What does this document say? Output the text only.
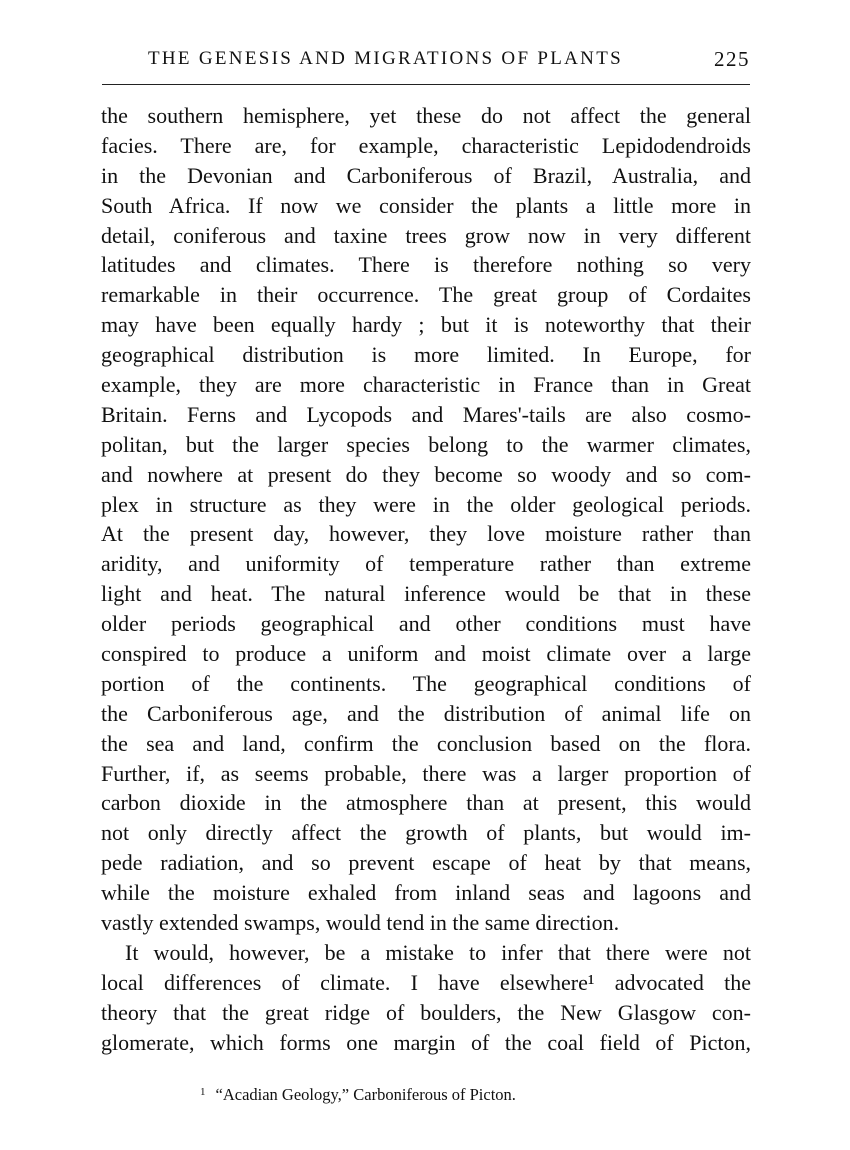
THE GENESIS AND MIGRATIONS OF PLANTS	225
the southern hemisphere, yet these do not affect the general
facies. There are, for example, characteristic Lepidodendroids
in the Devonian and Carboniferous of Brazil, Australia, and
South Africa. If now we consider the plants a little more in
detail, coniferous and taxine trees grow now in very different
latitudes and climates. There is therefore nothing so very
remarkable in their occurrence. The great group of Cordaites
may have been equally hardy ; but it is noteworthy that their
geographical distribution is more limited. In Europe, for
example, they are more characteristic in France than in Great
Britain. Ferns and Lycopods and Mares'-tails are also cosmo-
politan, but the larger species belong to the warmer climates,
and nowhere at present do they become so woody and so com-
plex in structure as they were in the older geological periods.
At the present day, however, they love moisture rather than
aridity, and uniformity of temperature rather than extreme
light and heat. The natural inference would be that in these
older periods geographical and other conditions must have
conspired to produce a uniform and moist climate over a large
portion of the continents. The geographical conditions of
the Carboniferous age, and the distribution of animal life on
the sea and land, confirm the conclusion based on the flora.
Further, if, as seems probable, there was a larger proportion of
carbon dioxide in the atmosphere than at present, this would
not only directly affect the growth of plants, but would im-
pede radiation, and so prevent escape of heat by that means,
while the moisture exhaled from inland seas and lagoons and
vastly extended swamps, would tend in the same direction.
It would, however, be a mistake to infer that there were not
local differences of climate. I have elsewhere¹ advocated the
theory that the great ridge of boulders, the New Glasgow con-
glomerate, which forms one margin of the coal field of Picton,
$^1$ “Acadian Geology,” Carboniferous of Picton.
